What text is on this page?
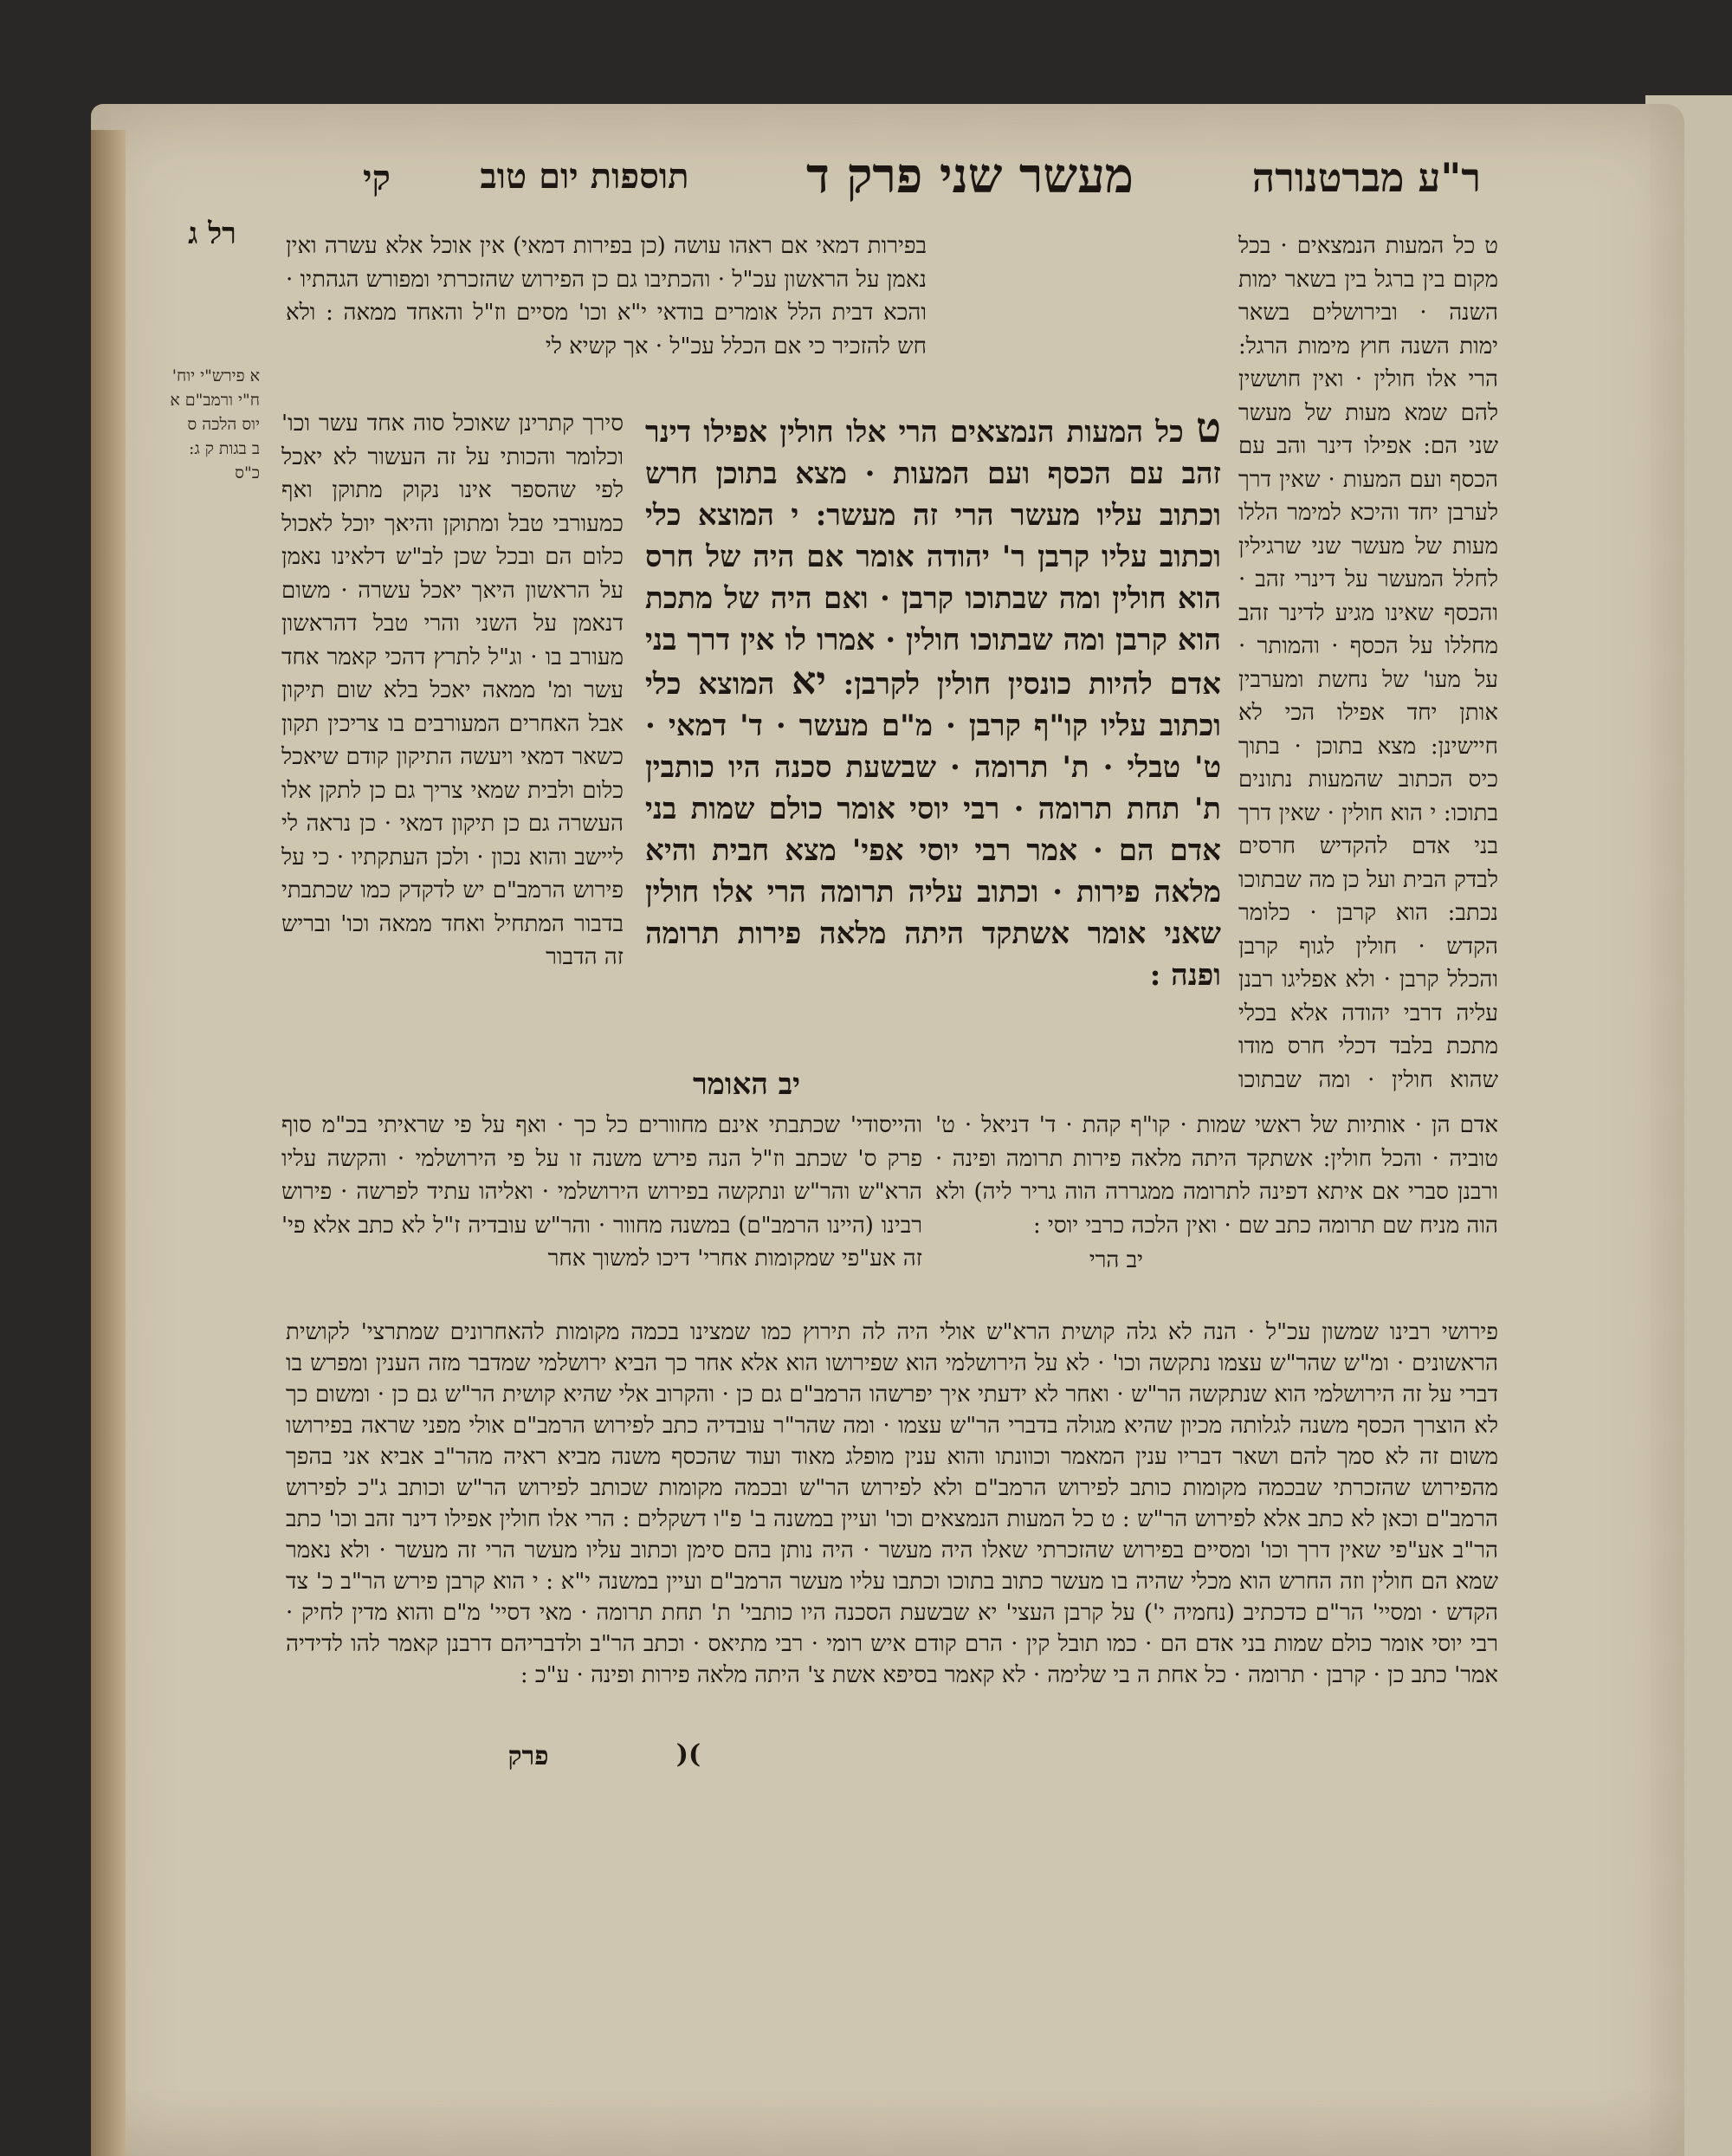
ר"ע מברטנורה
מעשר שני פרק ד
תוספות יום טוב
קי
רל ג	ט כל המעות הנמצאים · בכל מקום בין ברגל בין בשאר ימות השנה · ובירושלים בשאר ימות השנה חוץ מימות הרגל: הרי אלו חולין · ואין חוששין להם שמא מעות של מעשר שני הם: אפילו דינר והב עם הכסף ועם המעות · שאין דרך לערבן יחד והיכא למימר הללו מעות של מעשר שני שרגילין לחלל המעשר על דינרי זהב · והכסף שאינו מגיע לדינר זהב מחללו על הכסף · והמותר · על מעו' של נחשת ומערבין אותן יחד אפילו הכי לא חיישינן: מצא בתוכן · בתוך כיס הכתוב שהמעות נתונים בתוכו: י הוא חולין · שאין דרך בני אדם להקדיש חרסים לבדק הבית ועל כן מה שבתוכו נכתב: הוא קרבן · כלומר הקדש · חולין לגוף קרבן והכלל קרבן · ולא אפליגו רבנן עליה דרבי יהודה אלא בכלי מתכת בלבד דכלי חרס מודו שהוא חולין · ומה שבתוכו
בפירות דמאי אם ראהו עושה (כן בפירות דמאי) אין אוכל אלא עשרה ואין נאמן על הראשון עכ"ל · והכתיבו גם כן הפירוש שהזכרתי ומפורש הגהתיו · והכא דבית הלל אומרים בודאי י"א וכו' מסיים וז"ל והאחד ממאה : ולא חש להזכיר כי אם הכלל עכ"ל · אך קשיא לי
סירך קתרינן שאוכל סוה אחד עשר וכו' וכלומר והכותי על זה העשור לא יאכל לפי שהספר אינו נקוק מתוקן ואף כמעורבי טבל ומתוקן והיאך יוכל לאכול כלום הם ובכל שכן לב"ש דלאינו נאמן על הראשון היאך יאכל עשרה · משום דנאמן על השני והרי טבל דהראשון מעורב בו · וג"ל לתרץ דהכי קאמר אחד עשר ומ' ממאה יאכל בלא שום תיקון אבל האחרים המעורבים בו צריכין תקון כשאר דמאי ויעשה התיקון קודם שיאכל כלום ולבית שמאי צריך גם כן לתקן אלו העשרה גם כן תיקון דמאי · כן נראה לי ליישב והוא נכון · ולכן העתקתיו · כי על פירוש הרמב"ם יש לדקדק כמו שכתבתי בדבור המתחיל ואחד ממאה וכו' ובריש זה הדבור
א פירש"י יוח'
ח"י ורמב"ם א
יוס הלכה ס
ב בגות ק ג:
כ"ס

ט כל המעות הנמצאים הרי אלו חולין אפילו דינר זהב עם הכסף ועם המעות · מצא בתוכן חרש וכתוב עליו מעשר הרי זה מעשר: י המוצא כלי וכתוב עליו קרבן ר' יהודה אומר אם היה של חרס הוא חולין ומה שבתוכו קרבן · ואם היה של מתכת הוא קרבן ומה שבתוכו חולין · אמרו לו אין דרך בני אדם להיות כונסין חולין לקרבן: יא המוצא כלי וכתוב עליו קו"ף קרבן · מ"ם מעשר · ד' דמאי · ט' טבלי · ת' תרומה · שבשעת סכנה היו כותבין ת' תחת תרומה · רבי יוסי אומר כולם שמות בני אדם הם · אמר רבי יוסי אפי' מצא חבית והיא מלאה פירות · וכתוב עליה תרומה הרי אלו חולין שאני אומר אשתקד היתה מלאה פירות תרומה ופנה :

יב האומר
אדם הן · אותיות של ראשי שמות · קו"ף קהת · ד' דניאל · ט' טוביה · והכל חולין: אשתקד היתה מלאה פירות תרומה ופינה · ורבנן סברי אם איתא דפינה לתרומה ממגררה הוה גריר ליה) ולא הוה מניח שם תרומה כתב שם · ואין הלכה כרבי יוסי :
יב הרי
והייסודי' שכתבתי אינם מחוורים כל כך · ואף על פי שראיתי בכ"מ סוף פרק ס' שכתב וז"ל הנה פירש משנה זו על פי הירושלמי · והקשה עליו הרא"ש והר"ש ונתקשה בפירוש הירושלמי · ואליהו עתיד לפרשה · פירוש רבינו (היינו הרמב"ם) במשנה מחוור · והר"ש עובדיה ז"ל לא כתב אלא פי' זה אע"פי שמקומות אחרי' דיכו למשוך אחר
פירושי רבינו שמשון עכ"ל · הנה לא גלה קושית הרא"ש אולי היה לה תירוץ כמו שמצינו בכמה מקומות להאחרונים שמתרצי' לקושית הראשונים · ומ"ש שהר"ש עצמו נתקשה וכו' · לא על הירושלמי הוא שפירושו הוא אלא אחר כך הביא ירושלמי שמדבר מזה הענין ומפרש בו דברי על זה הירושלמי הוא שנתקשה הר"ש · ואחר לא ידעתי איך יפרשהו הרמב"ם גם כן · והקרוב אלי שהיא קושית הר"ש גם כן · ומשום כך לא הוצרך הכסף משנה לגלותה מכיון שהיא מגולה בדברי הר"ש עצמו · ומה שהר"ר עובדיה כתב לפירוש הרמב"ם אולי מפני שראה בפירושו משום זה לא סמך להם ושאר דבריו ענין המאמר וכוונתו והוא ענין מופלג מאוד ועוד שהכסף משנה מביא ראיה מהר"ב אביא אני בהפך מהפירוש שהזכרתי שבכמה מקומות כותב לפירוש הרמב"ם ולא לפירוש הר"ש ובכמה מקומות שכותב לפירוש הר"ש וכותב ג"כ לפירוש הרמב"ם וכאן לא כתב אלא לפירוש הר"ש : ט כל המעות הנמצאים וכו' ועיין במשנה ב' פ"ו דשקלים : הרי אלו חולין אפילו דינר זהב וכו' כתב הר"ב אע"פי שאין דרך וכו' ומסיים בפירוש שהזכרתי שאלו היה מעשר · היה נותן בהם סימן וכתוב עליו מעשר הרי זה מעשר · ולא נאמר שמא הם חולין וזה החרש הוא מכלי שהיה בו מעשר כתוב בתוכו וכתבו עליו מעשר הרמב"ם ועיין במשנה י"א : י הוא קרבן פירש הר"ב כ' צד הקדש · ומסיי' הר"ם כדכתיב (נחמיה י') על קרבן העצי' יא שבשעת הסכנה היו כותבי' ת' תחת תרומה · מאי דסיי' מ"ם והוא מדין לחיק · רבי יוסי אומר כולם שמות בני אדם הם · כמו תובל קין · הרם קודם איש רומי · רבי מתיאס · וכתב הר"ב ולדבריהם דרבנן קאמר להו לדידיה אמר' כתב כן · קרבן · תרומה · כל אחת ה בי שלימה · לא קאמר בסיפא אשת צ' היתה מלאה פירות ופינה · ע"כ :
פרק	)(
